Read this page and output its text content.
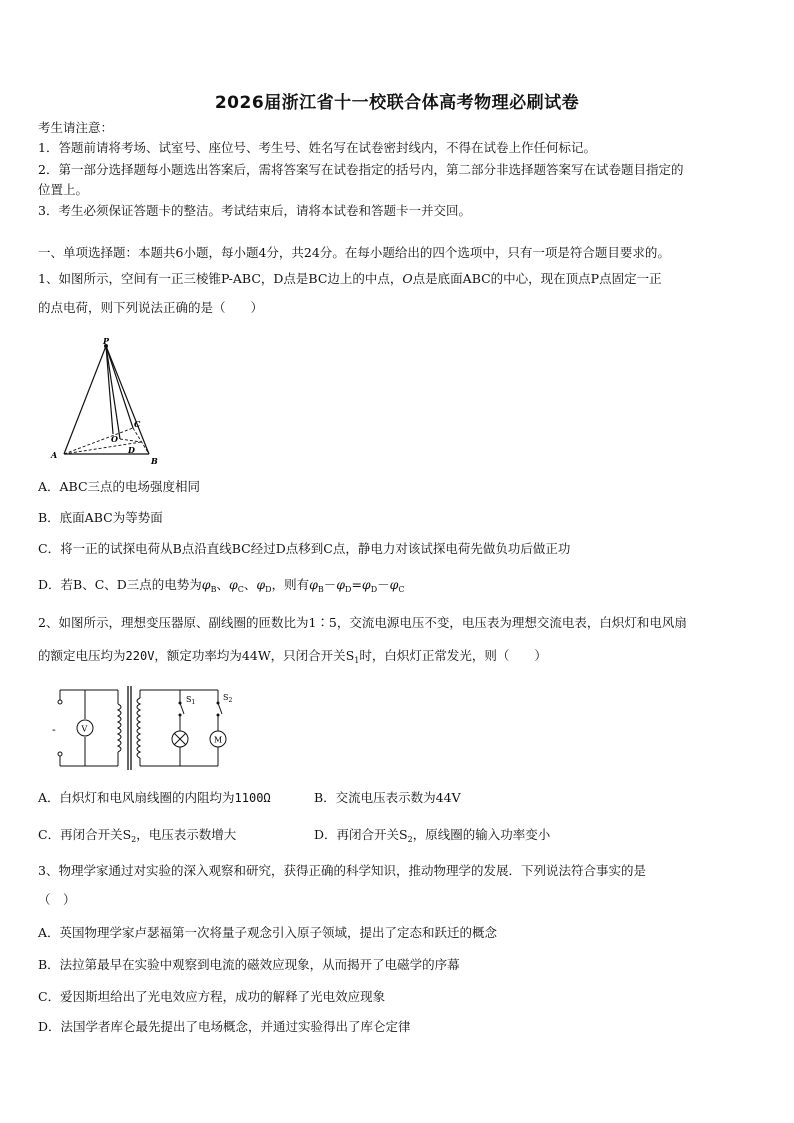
2026届浙江省十一校联合体高考物理必刷试卷
考生请注意：
1．答题前请将考场、试室号、座位号、考生号、姓名写在试卷密封线内，不得在试卷上作任何标记。
2．第一部分选择题每小题选出答案后，需将答案写在试卷指定的括号内，第二部分非选择题答案写在试卷题目指定的
位置上。
3．考生必须保证答题卡的整洁。考试结束后，请将本试卷和答题卡一并交回。
一、单项选择题：本题共6小题，每小题4分，共24分。在每小题给出的四个选项中，只有一项是符合题目要求的。
1、如图所示，空间有一正三棱锥P-ABC，D点是BC边上的中点，O点是底面ABC的中心，现在顶点P点固定一正
的点电荷，则下列说法正确的是（　　）
P
A
B
C
O
D
A．ABC三点的电场强度相同
B．底面ABC为等势面
C．将一正的试探电荷从B点沿直线BC经过D点移到C点，静电力对该试探电荷先做负功后做正功
D．若B、C、D三点的电势为$\varphi_B$、$\varphi_C$、$\varphi_D$，则有$\varphi_B-\varphi_D=\varphi_D-\varphi_C$
2、如图所示，理想变压器原、副线圈的匝数比为1∶5，交流电源电压不变，电压表为理想交流电表，白炽灯和电风扇
的额定电压均为220V，额定功率均为44W，只闭合开关$S_1$时，白炽灯正常发光，则（　　）
-	V
M
$S_1$
$S_2$
A．白炽灯和电风扇线圈的内阻均为1100Ω	B．交流电压表示数为44V
C．再闭合开关$S_2$，电压表示数增大	D．再闭合开关$S_2$，原线圈的输入功率变小
3、物理学家通过对实验的深入观察和研究，获得正确的科学知识，推动物理学的发展．下列说法符合事实的是
（　）
A．英国物理学家卢瑟福第一次将量子观念引入原子领域，提出了定态和跃迁的概念
B．法拉第最早在实验中观察到电流的磁效应现象，从而揭开了电磁学的序幕
C．爱因斯坦给出了光电效应方程，成功的解释了光电效应现象
D．法国学者库仑最先提出了电场概念，并通过实验得出了库仑定律
